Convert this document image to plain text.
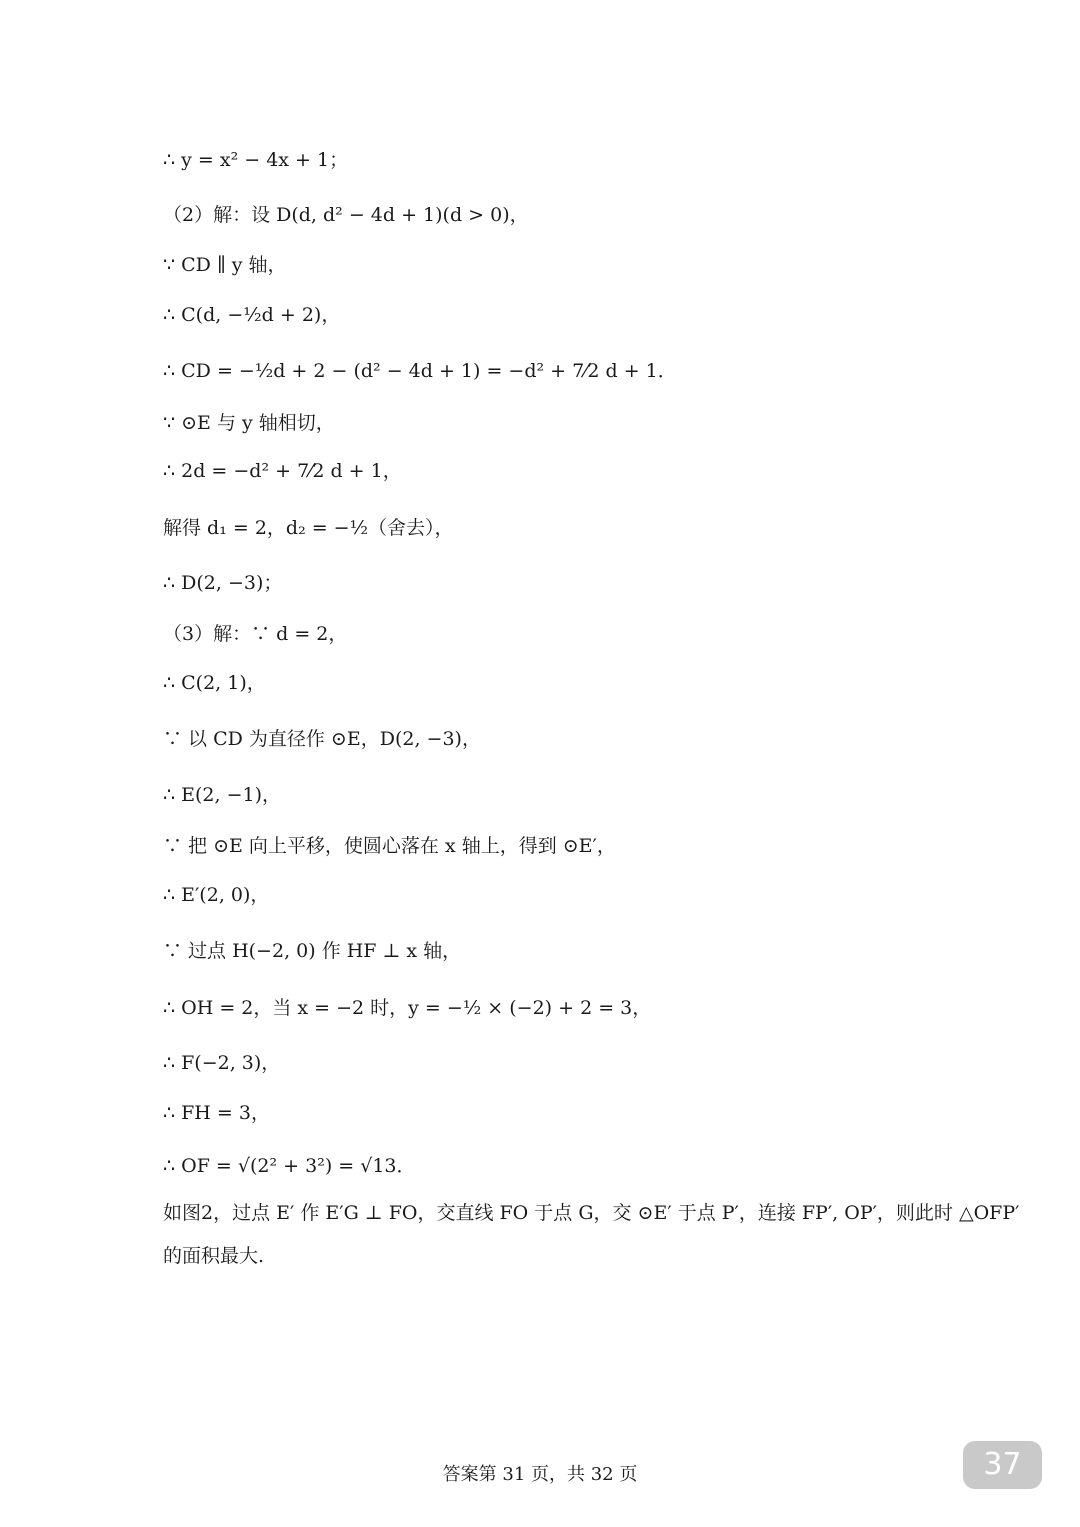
∴ y = x² − 4x + 1；
（2）解：设 D(d, d² − 4d + 1)(d > 0)，
∵ CD ∥ y 轴，
∴ C(d, −½d + 2)，
∴ CD = −½d + 2 − (d² − 4d + 1) = −d² + 7⁄2 d + 1．
∵ ⊙E 与 y 轴相切，
∴ 2d = −d² + 7⁄2 d + 1，
解得 d₁ = 2，d₂ = −½（舍去），
∴ D(2, −3)；
（3）解：∵ d = 2，
∴ C(2, 1)，
∵ 以 CD 为直径作 ⊙E，D(2, −3)，
∴ E(2, −1)，
∵ 把 ⊙E 向上平移，使圆心落在 x 轴上，得到 ⊙E′，
∴ E′(2, 0)，
∵ 过点 H(−2, 0) 作 HF ⊥ x 轴，
∴ OH = 2，当 x = −2 时，y = −½ × (−2) + 2 = 3，
∴ F(−2, 3)，
∴ FH = 3，
∴ OF = √(2² + 3²) = √13．
如图2，过点 E′ 作 E′G ⊥ FO，交直线 FO 于点 G，交 ⊙E′ 于点 P′，连接 FP′, OP′，则此时 △OFP′
的面积最大.
答案第 31 页，共 32 页	37
